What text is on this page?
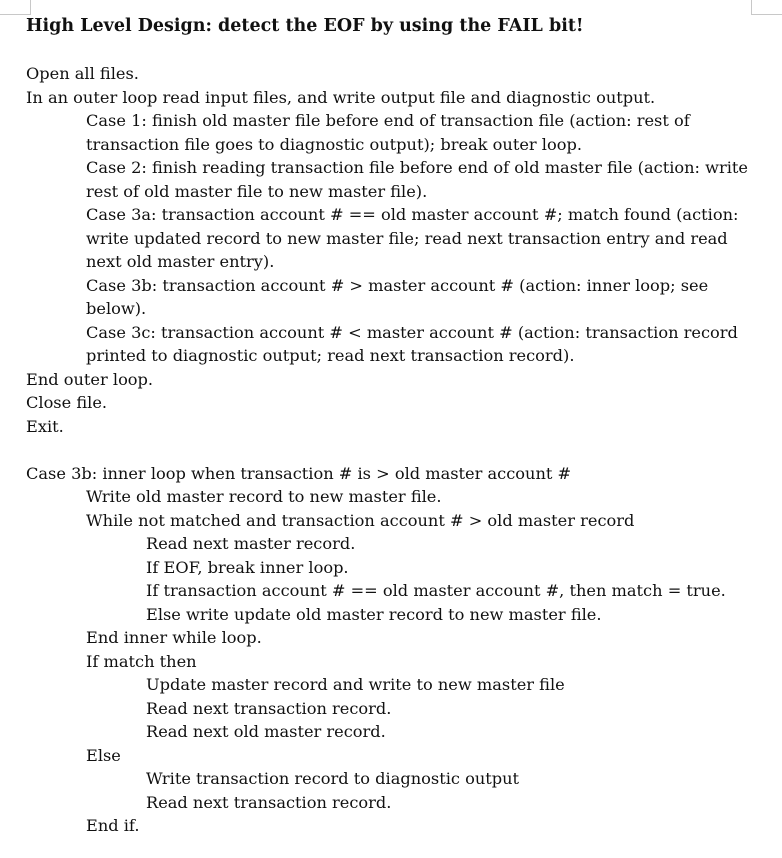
High Level Design: detect the EOF by using the FAIL bit!

Open all files.

In an outer loop read input files, and write output file and diagnostic output.

Case 1: finish old master file before end of transaction file (action: rest of transaction file goes to diagnostic output); break outer loop.

Case 2: finish reading transaction file before end of old master file (action: write rest of old master file to new master file).

Case 3a: transaction account # == old master account #; match found (action: write updated record to new master file; read next transaction entry and read next old master entry).

Case 3b: transaction account # > master account # (action: inner loop; see below).

Case 3c: transaction account # < master account # (action: transaction record printed to diagnostic output; read next transaction record).

End outer loop.

Close file.

Exit.

Case 3b: inner loop when transaction # is > old master account #

Write old master record to new master file.

While not matched and transaction account # > old master record

Read next master record.

If EOF, break inner loop.

If transaction account # == old master account #, then match = true.

Else write update old master record to new master file.

End inner while loop.

If match then

Update master record and write to new master file

Read next transaction record.

Read next old master record.

Else

Write transaction record to diagnostic output

Read next transaction record.

End if.
